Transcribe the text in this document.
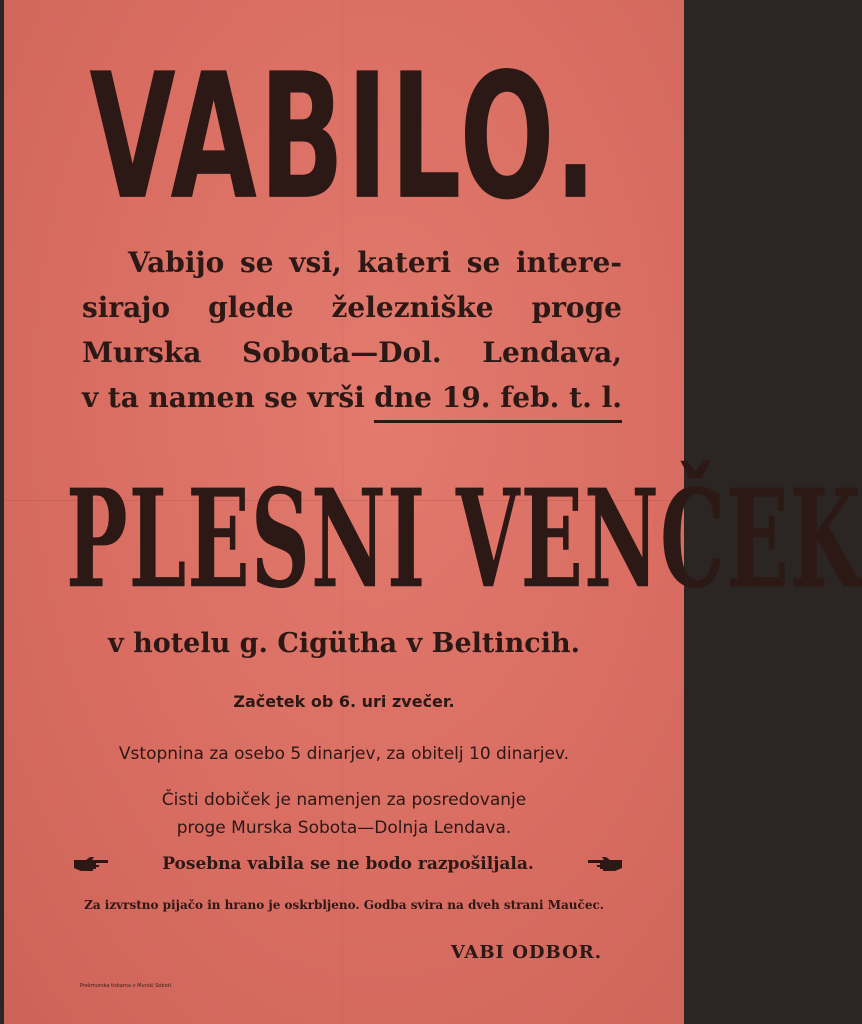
VABILO.
Vabijo se vsi, kateri se intere-
sirajo glede železniške proge
Murska Sobota—Dol. Lendava,
v ta namen se vrši dne 19. feb. t. l.
PLESNI VENČEK
v hotelu g. Cigütha v Beltincih.
Začetek ob 6. uri zvečer.
Vstopnina za osebo 5 dinarjev, za obitelj 10 dinarjev.
Čisti dobiček je namenjen za posredovanje
proge Murska Sobota—Dolnja Lendava.
Posebna vabila se ne bodo razpošiljala.
Za izvrstno pijačo in hrano je oskrbljeno. Godba svira na dveh strani Maučec.
VABI ODBOR.
Prekmurska tiskarna v Murski Soboti.
